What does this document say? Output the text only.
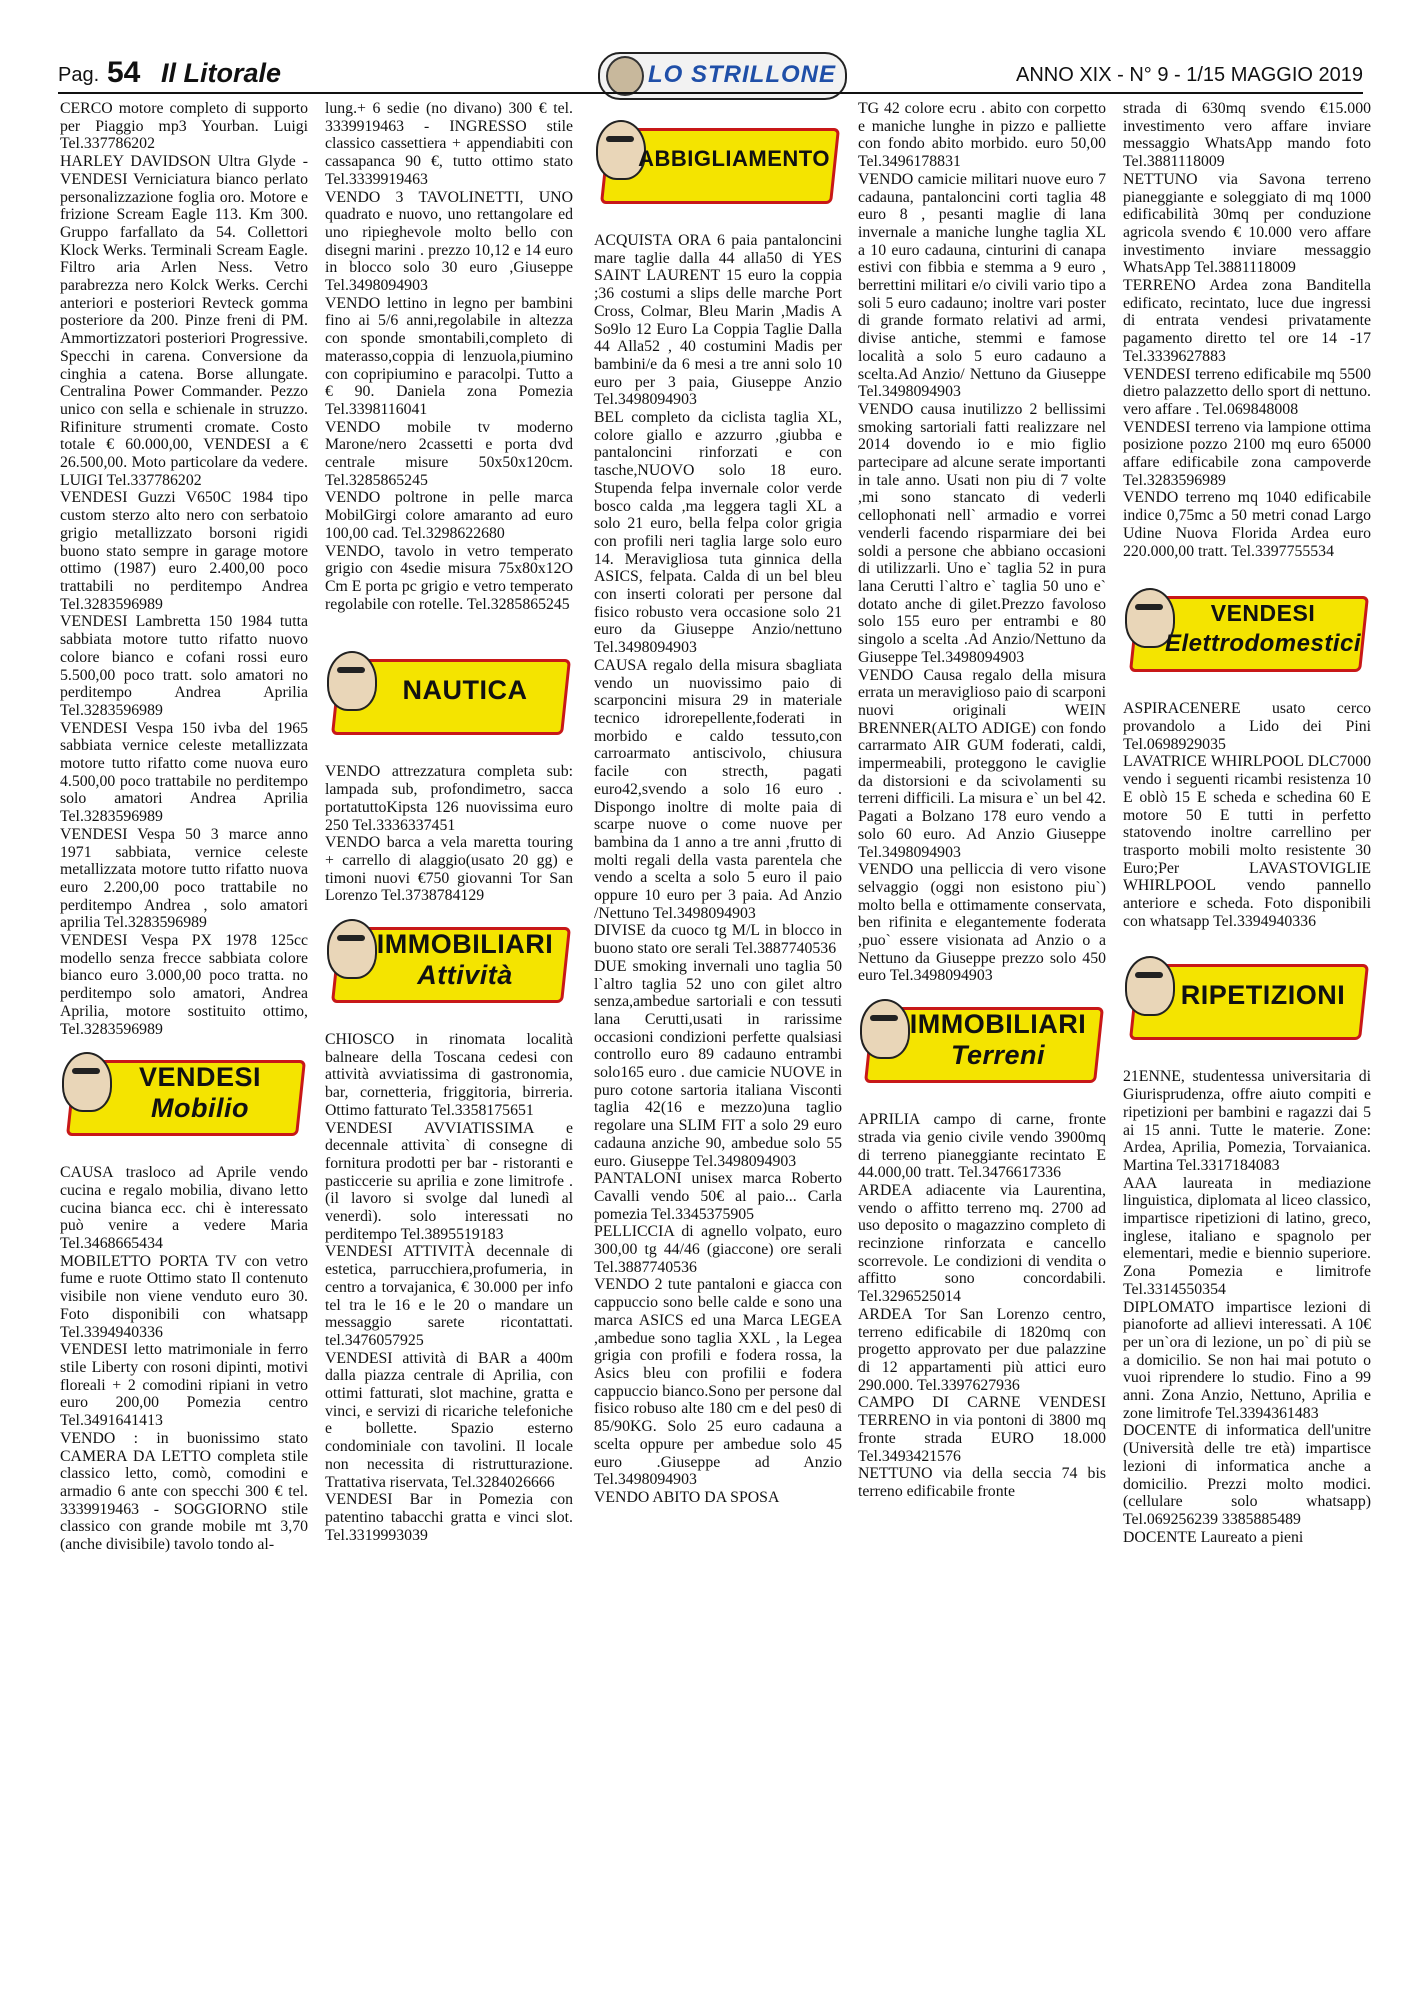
Pag. 54 Il Litorale	LO STRILLONE	ANNO XIX - N° 9 - 1/15 MAGGIO 2019

CERCO motore completo di supporto per Piaggio mp3 Yourban. Luigi Tel.337786202

HARLEY DAVIDSON Ultra Glyde - VENDESI Verniciatura bianco perlato personalizzazione foglia oro. Motore e frizione Scream Eagle 113. Km 300. Gruppo farfallato da 54. Collettori Klock Werks. Terminali Scream Eagle. Filtro aria Arlen Ness. Vetro parabrezza nero Kolck Werks. Cerchi anteriori e posteriori Revteck gomma posteriore da 200. Pinze freni di PM. Ammortizzatori posteriori Progressive. Specchi in carena. Conversione da cinghia a catena. Borse allungate. Centralina Power Commander. Pezzo unico con sella e schienale in struzzo. Rifiniture strumenti cromate. Costo totale € 60.000,00, VENDESI a € 26.500,00. Moto particolare da vedere. LUIGI Tel.337786202

VENDESI Guzzi V650C 1984 tipo custom sterzo alto nero con serbatoio grigio metallizzato borsoni rigidi buono stato sempre in garage motore ottimo (1987) euro 2.400,00 poco trattabili no perditempo Andrea Tel.3283596989

VENDESI Lambretta 150 1984 tutta sabbiata motore tutto rifatto nuovo colore bianco e cofani rossi euro 5.500,00 poco tratt. solo amatori no perditempo Andrea Aprilia Tel.3283596989

VENDESI Vespa 150 ivba del 1965 sabbiata vernice celeste metallizzata motore tutto rifatto come nuova euro 4.500,00 poco trattabile no perditempo solo amatori Andrea Aprilia Tel.3283596989

VENDESI Vespa 50 3 marce anno 1971 sabbiata, vernice celeste metallizzata motore tutto rifatto nuova euro 2.200,00 poco trattabile no perditempo Andrea , solo amatori aprilia Tel.3283596989

VENDESI Vespa PX 1978 125cc modello senza frecce sabbiata colore bianco euro 3.000,00 poco tratta. no perditempo solo amatori, Andrea Aprilia, motore sostituito ottimo, Tel.3283596989

VENDESI
Mobilio

CAUSA trasloco ad Aprile vendo cucina e regalo mobilia, divano letto cucina bianca ecc. chi è interessato può venire a vedere Maria Tel.3468665434

MOBILETTO PORTA TV con vetro fume e ruote Ottimo stato Il contenuto visibile non viene venduto euro 30. Foto disponibili con whatsapp Tel.3394940336

VENDESI letto matrimoniale in ferro stile Liberty con rosoni dipinti, motivi floreali + 2 comodini ripiani in vetro euro 200,00 Pomezia centro Tel.3491641413

VENDO : in buonissimo stato CAMERA DA LETTO completa stile classico letto, comò, comodini e armadio 6 ante con specchi 300 € tel. 3339919463 - SOGGIORNO stile classico con grande mobile mt 3,70 (anche divisibile) tavolo tondo al-

lung.+ 6 sedie (no divano) 300 € tel. 3339919463 - INGRESSO stile classico cassettiera + appendiabiti con cassapanca 90 €, tutto ottimo stato Tel.3339919463

VENDO 3 TAVOLINETTI, UNO quadrato e nuovo, uno rettangolare ed uno ripieghevole molto bello con disegni marini . prezzo 10,12 e 14 euro in blocco solo 30 euro ,Giuseppe Tel.3498094903

VENDO lettino in legno per bambini fino ai 5/6 anni,regolabile in altezza con sponde smontabili,completo di materasso,coppia di lenzuola,piumino con copripiumino e paracolpi. Tutto a € 90. Daniela zona Pomezia Tel.3398116041

VENDO mobile tv moderno Marone/nero 2cassetti e porta dvd centrale misure 50x50x120cm. Tel.3285865245

VENDO poltrone in pelle marca MobilGirgi colore amaranto ad euro 100,00 cad. Tel.3298622680

VENDO, tavolo in vetro temperato grigio con 4sedie misura 75x80x12O Cm E porta pc grigio e vetro temperato regolabile con rotelle. Tel.3285865245

NAUTICA

VENDO attrezzatura completa sub: lampada sub, profondimetro, sacca portatuttoKipsta 126 nuovissima euro 250 Tel.3336337451

VENDO barca a vela maretta touring + carrello di alaggio(usato 20 gg) e timoni nuovi €750 giovanni Tor San Lorenzo Tel.3738784129

IMMOBILIARI
Attività

CHIOSCO in rinomata località balneare della Toscana cedesi con attività avviatissima di gastronomia, bar, cornetteria, friggitoria, birreria. Ottimo fatturato Tel.3358175651

VENDESI AVVIATISSIMA e decennale attivita` di consegne di fornitura prodotti per bar - ristoranti e pasticcerie su aprilia e zone limitrofe . (il lavoro si svolge dal lunedì al venerdì). solo interessati no perditempo Tel.3895519183

VENDESI ATTIVITÀ decennale di estetica, parrucchiera,profumeria, in centro a torvajanica, € 30.000 per info tel tra le 16 e le 20 o mandare un messaggio sarete ricontattati. tel.3476057925

VENDESI attività di BAR a 400m dalla piazza centrale di Aprilia, con ottimi fatturati, slot machine, gratta e vinci, e servizi di ricariche telefoniche e bollette. Spazio esterno condominiale con tavolini. Il locale non necessita di ristrutturazione. Trattativa riservata, Tel.3284026666

VENDESI Bar in Pomezia con patentino tabacchi gratta e vinci slot. Tel.3319993039

ABBIGLIAMENTO

ACQUISTA ORA 6 paia pantaloncini mare taglie dalla 44 alla50 di YES SAINT LAURENT 15 euro la coppia ;36 costumi a slips delle marche Port Cross, Colmar, Bleu Marin ,Madis A So9lo 12 Euro La Coppia Taglie Dalla 44 Alla52 , 40 costumini Madis per bambini/e da 6 mesi a tre anni solo 10 euro per 3 paia, Giuseppe Anzio Tel.3498094903

BEL completo da ciclista taglia XL, colore giallo e azzurro ,giubba e pantaloncini rinforzati e con tasche,NUOVO solo 18 euro. Stupenda felpa invernale color verde bosco calda ,ma leggera tagli XL a solo 21 euro, bella felpa color grigia con profili neri taglia large solo euro 14. Meravigliosa tuta ginnica della ASICS, felpata. Calda di un bel bleu con inserti colorati per persone dal fisico robusto vera occasione solo 21 euro da Giuseppe Anzio/nettuno Tel.3498094903

CAUSA regalo della misura sbagliata vendo un nuovissimo paio di scarponcini misura 29 in materiale tecnico idrorepellente,foderati in morbido e caldo tessuto,con carroarmato antiscivolo, chiusura facile con strecth, pagati euro42,svendo a solo 16 euro . Dispongo inoltre di molte paia di scarpe nuove o come nuove per bambina da 1 anno a tre anni ,frutto di molti regali della vasta parentela che vendo a scelta a solo 5 euro il paio oppure 10 euro per 3 paia. Ad Anzio /Nettuno Tel.3498094903

DIVISE da cuoco tg M/L in blocco in buono stato ore serali Tel.3887740536

DUE smoking invernali uno taglia 50 l`altro taglia 52 uno con gilet altro senza,ambedue sartoriali e con tessuti lana Cerutti,usati in rarissime occasioni condizioni perfette qualsiasi controllo euro 89 cadauno entrambi solo165 euro . due camicie NUOVE in puro cotone sartoria italiana Visconti taglia 42(16 e mezzo)una taglio regolare una SLIM FIT a solo 29 euro cadauna anziche 90, ambedue solo 55 euro. Giuseppe Tel.3498094903

PANTALONI unisex marca Roberto Cavalli vendo 50€ al paio... Carla pomezia Tel.3345375905

PELLICCIA di agnello volpato, euro 300,00 tg 44/46 (giaccone) ore serali Tel.3887740536

VENDO 2 tute pantaloni e giacca con cappuccio sono belle calde e sono una marca ASICS ed una Marca LEGEA ,ambedue sono taglia XXL , la Legea grigia con profili e fodera rossa, la Asics bleu con profilii e fodera cappuccio bianco.Sono per persone dal fisico robuso alte 180 cm e del pes0 di 85/90KG. Solo 25 euro cadauna a scelta oppure per ambedue solo 45 euro .Giuseppe ad Anzio Tel.3498094903

VENDO ABITO DA SPOSA

TG 42 colore ecru . abito con corpetto e maniche lunghe in pizzo e palliette con fondo abito morbido. euro 50,00 Tel.3496178831

VENDO camicie militari nuove euro 7 cadauna, pantaloncini corti taglia 48 euro 8 , pesanti maglie di lana invernale a maniche lunghe taglia XL a 10 euro cadauna, cinturini di canapa estivi con fibbia e stemma a 9 euro , berrettini militari e/o civili vario tipo a soli 5 euro cadauno; inoltre vari poster di grande formato relativi ad armi, divise antiche, stemmi e famose località a solo 5 euro cadauno a scelta.Ad Anzio/ Nettuno da Giuseppe Tel.3498094903

VENDO causa inutilizzo 2 bellissimi smoking sartoriali fatti realizzare nel 2014 dovendo io e mio figlio partecipare ad alcune serate importanti in tale anno. Usati non piu di 7 volte ,mi sono stancato di vederli cellophonati nell` armadio e vorrei venderli facendo risparmiare dei bei soldi a persone che abbiano occasioni di utilizzarli. Uno e` taglia 52 in pura lana Cerutti l`altro e` taglia 50 uno e` dotato anche di gilet.Prezzo favoloso solo 155 euro per entrambi e 80 singolo a scelta .Ad Anzio/Nettuno da Giuseppe Tel.3498094903

VENDO Causa regalo della misura errata un meraviglioso paio di scarponi nuovi originali WEIN BRENNER(ALTO ADIGE) con fondo carrarmato AIR GUM foderati, caldi, impermeabili, proteggono le caviglie da distorsioni e da scivolamenti su terreni difficili. La misura e` un bel 42. Pagati a Bolzano 178 euro vendo a solo 60 euro. Ad Anzio Giuseppe Tel.3498094903

VENDO una pelliccia di vero visone selvaggio (oggi non esistono piu`) molto bella e ottimamente conservata, ben rifinita e elegantemente foderata ,puo` essere visionata ad Anzio o a Nettuno da Giuseppe prezzo solo 450 euro Tel.3498094903

IMMOBILIARI
Terreni

APRILIA campo di carne, fronte strada via genio civile vendo 3900mq di terreno pianeggiante recintato E 44.000,00 tratt. Tel.3476617336

ARDEA adiacente via Laurentina, vendo o affitto terreno mq. 2700 ad uso deposito o magazzino completo di recinzione rinforzata e cancello scorrevole. Le condizioni di vendita o affitto sono concordabili. Tel.3296525014

ARDEA Tor San Lorenzo centro, terreno edificabile di 1820mq con progetto approvato per due palazzine di 12 appartamenti più attici euro 290.000. Tel.3397627936

CAMPO DI CARNE VENDESI TERRENO in via pontoni di 3800 mq fronte strada EURO 18.000 Tel.3493421576

NETTUNO via della seccia 74 bis terreno edificabile fronte

strada di 630mq svendo €15.000 investimento vero affare inviare messaggio WhatsApp mando foto Tel.3881118009

NETTUNO via Savona terreno pianeggiante e soleggiato di mq 1000 edificabilità 30mq per conduzione agricola svendo € 10.000 vero affare investimento inviare messaggio WhatsApp Tel.3881118009

TERRENO Ardea zona Banditella edificato, recintato, luce due ingressi di entrata vendesi privatamente pagamento diretto tel ore 14 -17 Tel.3339627883

VENDESI terreno edificabile mq 5500 dietro palazzetto dello sport di nettuno. vero affare . Tel.069848008

VENDESI terreno via lampione ottima posizione pozzo 2100 mq euro 65000 affare edificabile zona campoverde Tel.3283596989

VENDO terreno mq 1040 edificabile indice 0,75mc a 50 metri conad Largo Udine Nuova Florida Ardea euro 220.000,00 tratt. Tel.3397755534

VENDESI
Elettrodomestici

ASPIRACENERE usato cerco provandolo a Lido dei Pini Tel.0698929035

LAVATRICE WHIRLPOOL DLC7000 vendo i seguenti ricambi resistenza 10 E oblò 15 E scheda e schedina 60 E motore 50 E tutti in perfetto statovendo inoltre carrellino per trasporto mobili molto resistente 30 Euro;Per LAVASTOVIGLIE WHIRLPOOL vendo pannello anteriore e scheda. Foto disponibili con whatsapp Tel.3394940336

RIPETIZIONI

21ENNE, studentessa universitaria di Giurisprudenza, offre aiuto compiti e ripetizioni per bambini e ragazzi dai 5 ai 15 anni. Tutte le materie. Zone: Ardea, Aprilia, Pomezia, Torvaianica. Martina Tel.3317184083

AAA laureata in mediazione linguistica, diplomata al liceo classico, impartisce ripetizioni di latino, greco, inglese, italiano e spagnolo per elementari, medie e biennio superiore. Zona Pomezia e limitrofe Tel.3314550354

DIPLOMATO impartisce lezioni di pianoforte ad allievi interessati. A 10€ per un`ora di lezione, un po` di più se a domicilio. Se non hai mai potuto o vuoi riprendere lo studio. Fino a 99 anni. Zona Anzio, Nettuno, Aprilia e zone limitrofe Tel.3394361483

DOCENTE di informatica dell'unitre (Università delle tre età) impartisce lezioni di informatica anche a domicilio. Prezzi molto modici. (cellulare solo whatsapp) Tel.069256239 3385885489

DOCENTE Laureato a pieni
